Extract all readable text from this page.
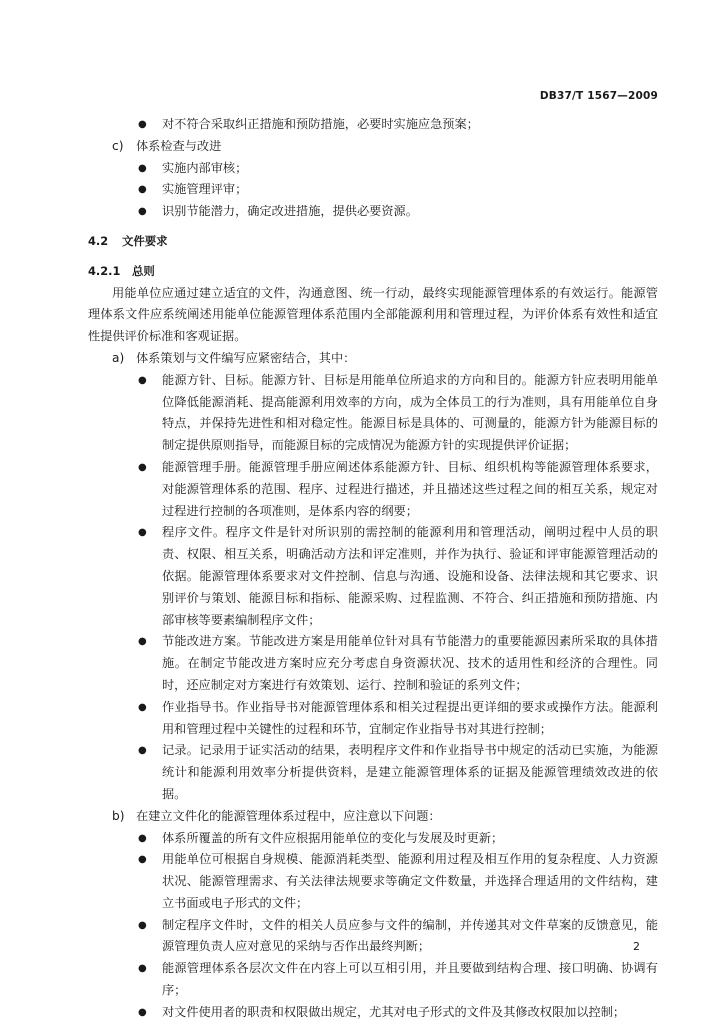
DB37/T 1567—2009
● 对不符合采取纠正措施和预防措施，必要时实施应急预案；
c) 体系检查与改进
● 实施内部审核；
● 实施管理评审；
● 识别节能潜力，确定改进措施，提供必要资源。
4.2 文件要求
4.2.1 总则
用能单位应通过建立适宜的文件，沟通意图、统一行动，最终实现能源管理体系的有效运行。能源管理体系文件应系统阐述用能单位能源管理体系范围内全部能源利用和管理过程，为评价体系有效性和适宜性提供评价标准和客观证据。
a) 体系策划与文件编写应紧密结合，其中：
● 能源方针、目标。能源方针、目标是用能单位所追求的方向和目的。能源方针应表明用能单位降低能源消耗、提高能源利用效率的方向，成为全体员工的行为准则，具有用能单位自身特点，并保持先进性和相对稳定性。能源目标是具体的、可测量的，能源方针为能源目标的制定提供原则指导，而能源目标的完成情况为能源方针的实现提供评价证据；
● 能源管理手册。能源管理手册应阐述体系能源方针、目标、组织机构等能源管理体系要求，对能源管理体系的范围、程序、过程进行描述，并且描述这些过程之间的相互关系，规定对过程进行控制的各项准则，是体系内容的纲要；
● 程序文件。程序文件是针对所识别的需控制的能源利用和管理活动，阐明过程中人员的职责、权限、相互关系，明确活动方法和评定准则，并作为执行、验证和评审能源管理活动的依据。能源管理体系要求对文件控制、信息与沟通、设施和设备、法律法规和其它要求、识别评价与策划、能源目标和指标、能源采购、过程监测、不符合、纠正措施和预防措施、内部审核等要素编制程序文件；
● 节能改进方案。节能改进方案是用能单位针对具有节能潜力的重要能源因素所采取的具体措施。在制定节能改进方案时应充分考虑自身资源状况、技术的适用性和经济的合理性。同时，还应制定对方案进行有效策划、运行、控制和验证的系列文件；
● 作业指导书。作业指导书对能源管理体系和相关过程提出更详细的要求或操作方法。能源利用和管理过程中关键性的过程和环节，宜制定作业指导书对其进行控制；
● 记录。记录用于证实活动的结果，表明程序文件和作业指导书中规定的活动已实施，为能源统计和能源利用效率分析提供资料，是建立能源管理体系的证据及能源管理绩效改进的依据。
b) 在建立文件化的能源管理体系过程中，应注意以下问题：
● 体系所覆盖的所有文件应根据用能单位的变化与发展及时更新；
● 用能单位可根据自身规模、能源消耗类型、能源利用过程及相互作用的复杂程度、人力资源状况、能源管理需求、有关法律法规要求等确定文件数量，并选择合理适用的文件结构，建立书面或电子形式的文件；
● 制定程序文件时，文件的相关人员应参与文件的编制，并传递其对文件草案的反馈意见，能源管理负责人应对意见的采纳与否作出最终判断；
● 能源管理体系各层次文件在内容上可以互相引用，并且要做到结构合理、接口明确、协调有序；
● 对文件使用者的职责和权限做出规定，尤其对电子形式的文件及其修改权限加以控制；
2
